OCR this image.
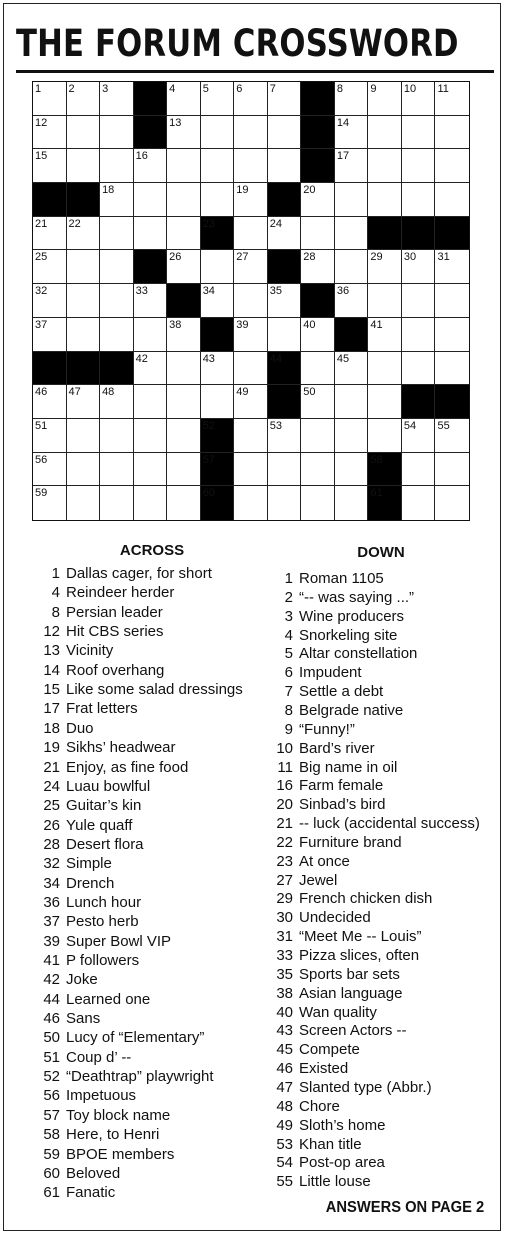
THE FORUM CROSSWORD
1 2 3	4 5 6 7	8 9 10 11
12	13	14
15	16	17
18	19	20
21 22	23	24
25	26	27	28	29 30 31
32	33	34	35	36
37	38	39	40	41
42	43	44	45
46 47 48	49	50
51	52	53	54 55
56	57	58
59	60	61
ACROSS
1 Dallas cager, for short
4 Reindeer herder
8 Persian leader
12 Hit CBS series
13 Vicinity
14 Roof overhang
15 Like some salad dressings
17 Frat letters
18 Duo
19 Sikhs’ headwear
21 Enjoy, as fine food
24 Luau bowlful
25 Guitar’s kin
26 Yule quaff
28 Desert flora
32 Simple
34 Drench
36 Lunch hour
37 Pesto herb
39 Super Bowl VIP
41 P followers
42 Joke
44 Learned one
46 Sans
50 Lucy of “Elementary”
51 Coup d’ --
52 “Deathtrap” playwright
56 Impetuous
57 Toy block name
58 Here, to Henri
59 BPOE members
60 Beloved
61 Fanatic
DOWN
1 Roman 1105
2 “-- was saying ...”
3 Wine producers
4 Snorkeling site
5 Altar constellation
6 Impudent
7 Settle a debt
8 Belgrade native
9 “Funny!”
10 Bard’s river
11 Big name in oil
16 Farm female
20 Sinbad’s bird
21 -- luck (accidental success)
22 Furniture brand
23 At once
27 Jewel
29 French chicken dish
30 Undecided
31 “Meet Me -- Louis”
33 Pizza slices, often
35 Sports bar sets
38 Asian language
40 Wan quality
43 Screen Actors --
45 Compete
46 Existed
47 Slanted type (Abbr.)
48 Chore
49 Sloth’s home
53 Khan title
54 Post-op area
55 Little louse
ANSWERS ON PAGE 2
